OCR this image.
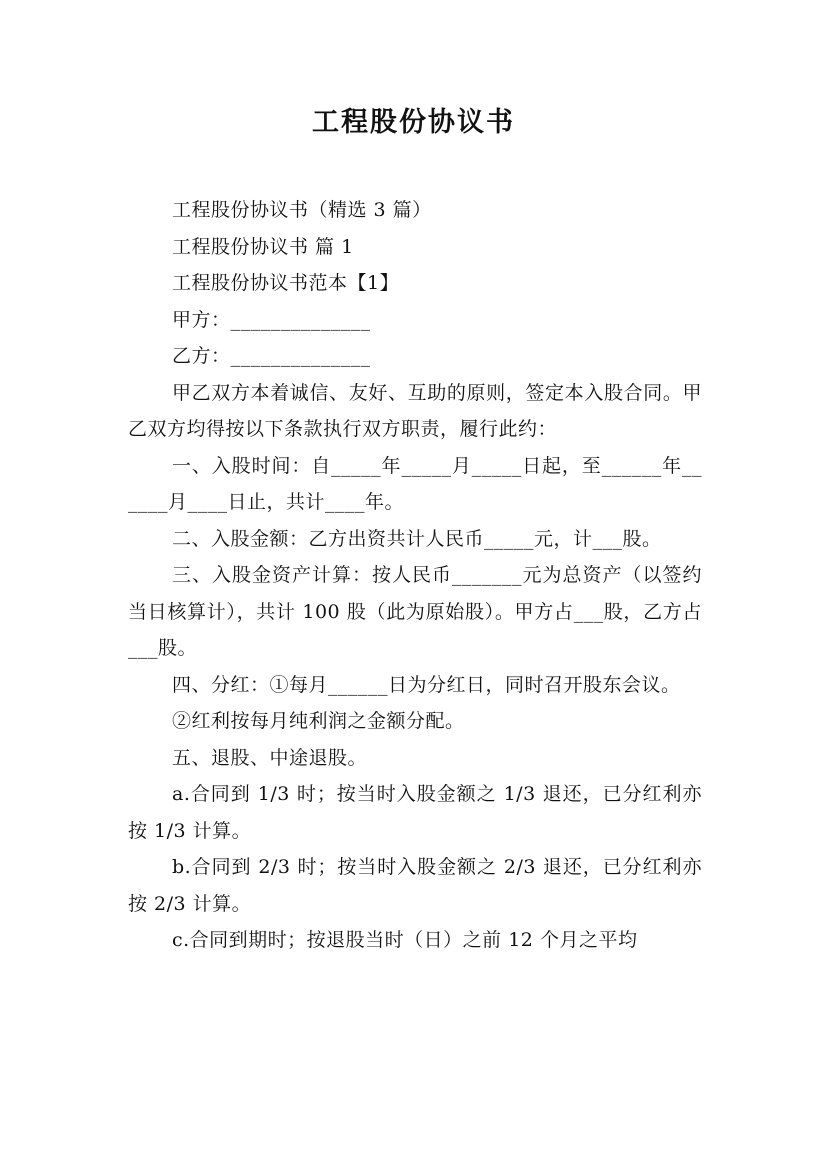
工程股份协议书

工程股份协议书（精选 3 篇）

工程股份协议书 篇 1

工程股份协议书范本【1】

甲方：______________

乙方：______________

甲乙双方本着诚信、友好、互助的原则，签定本入股合同。甲乙双方均得按以下条款执行双方职责，履行此约：

一、入股时间：自_____年_____月_____日起，至______年______月____日止，共计____年。

二、入股金额：乙方出资共计人民币_____元，计___股。

三、入股金资产计算：按人民币_______元为总资产（以签约当日核算计），共计 100 股（此为原始股）。甲方占___股，乙方占___股。

四、分红：①每月______日为分红日，同时召开股东会议。

②红利按每月纯利润之金额分配。

五、退股、中途退股。

a.合同到 1/3 时；按当时入股金额之 1/3 退还，已分红利亦按 1/3 计算。

b.合同到 2/3 时；按当时入股金额之 2/3 退还，已分红利亦按 2/3 计算。

c.合同到期时；按退股当时（日）之前 12 个月之平均
